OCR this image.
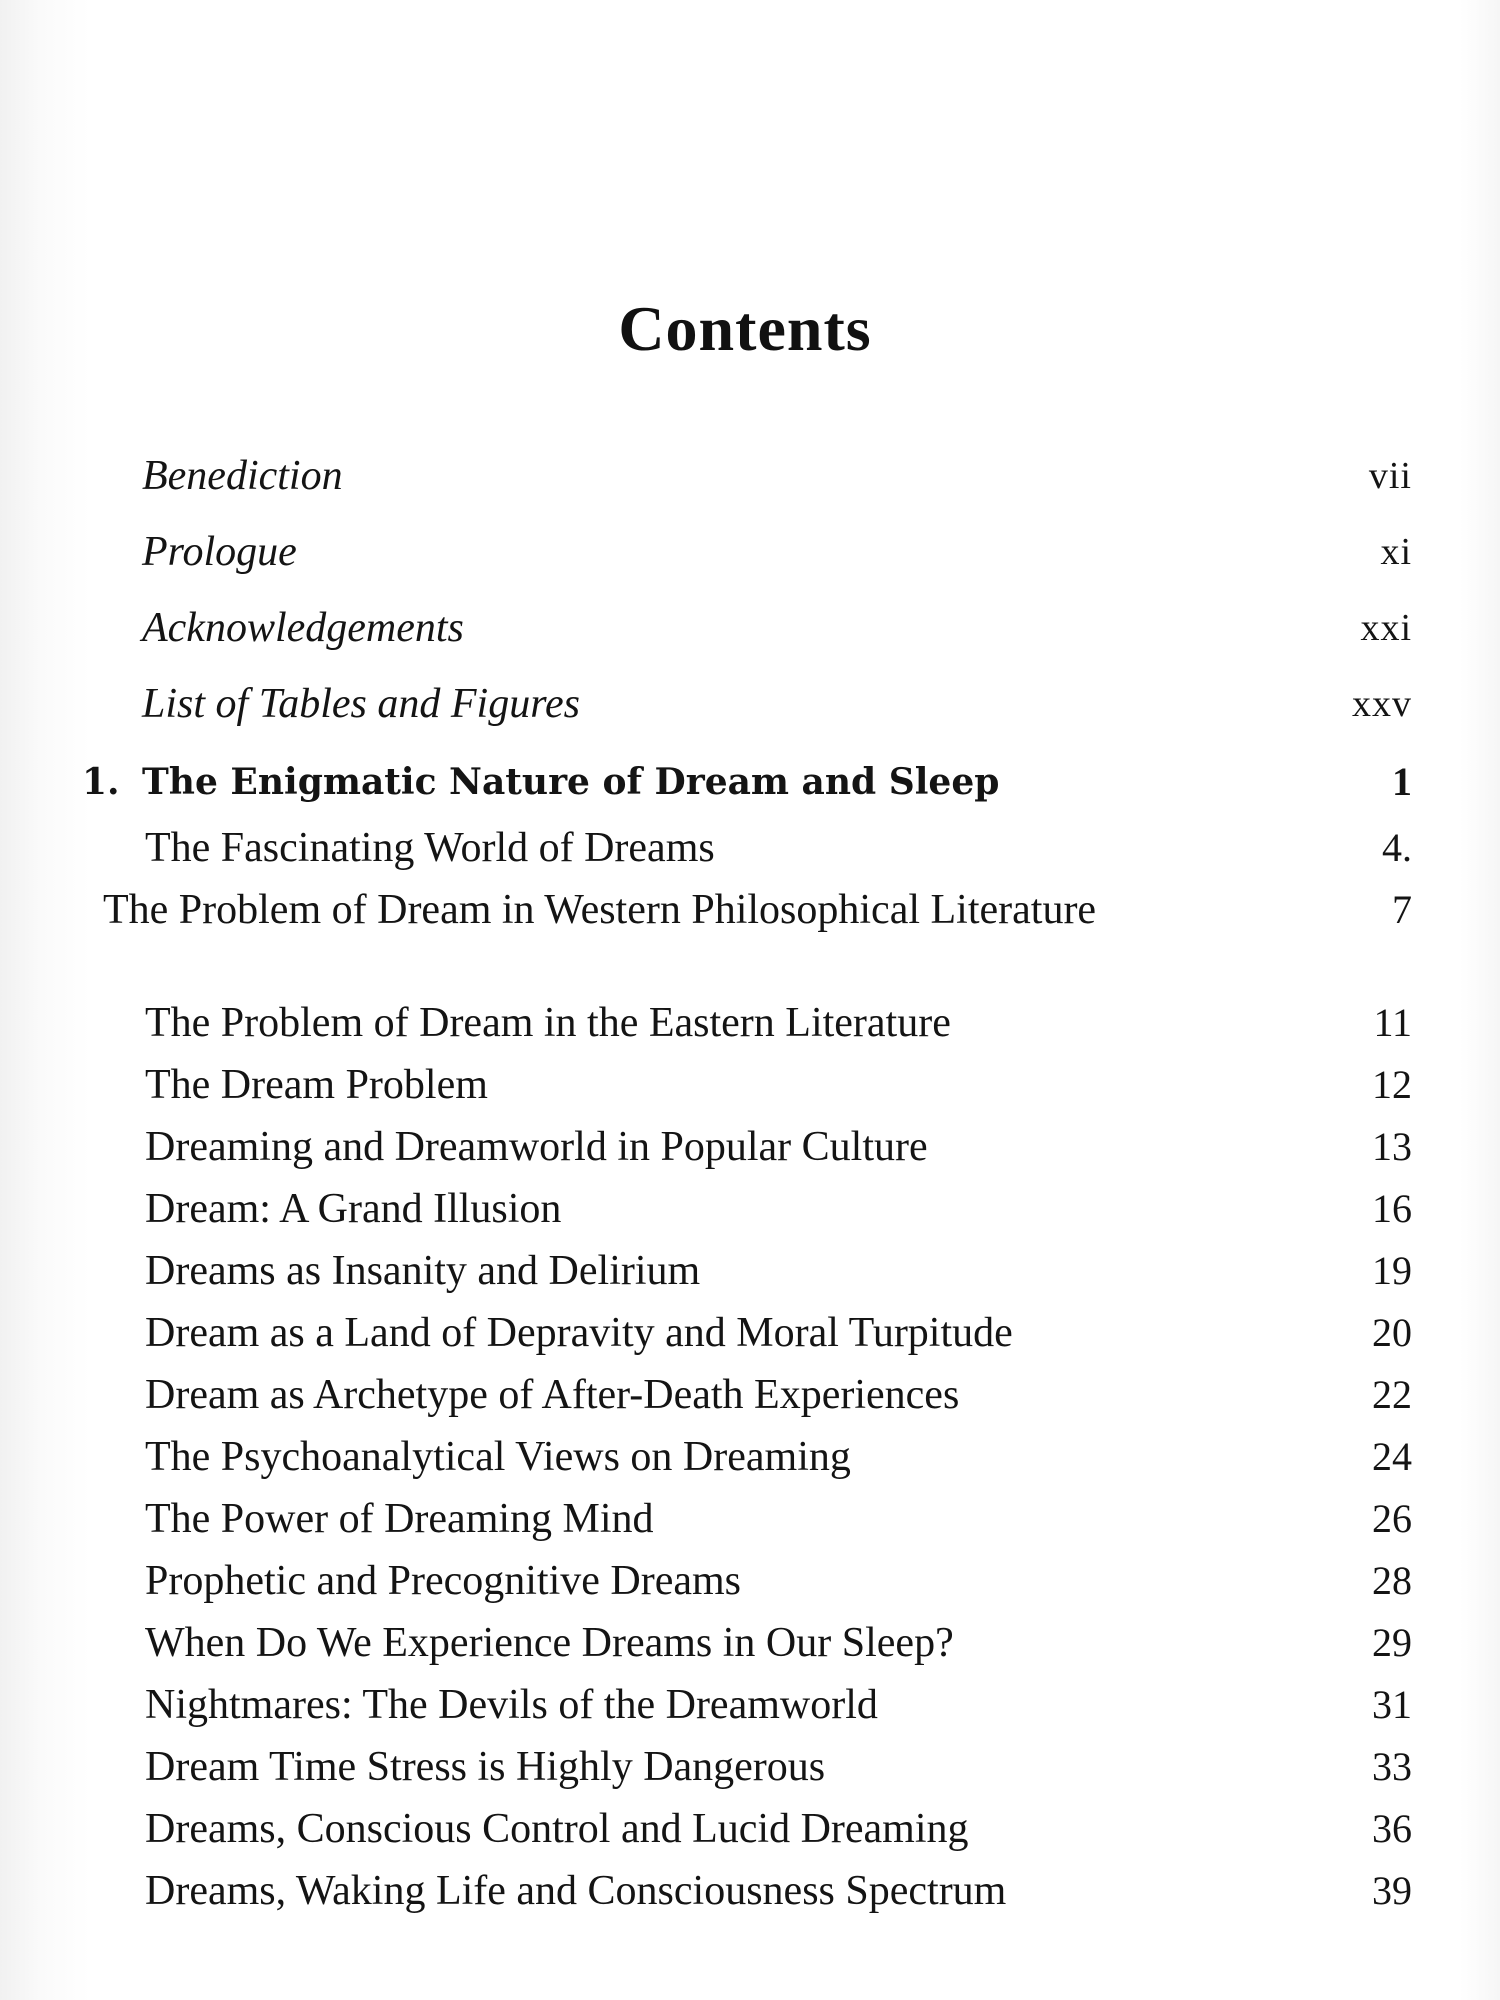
Contents
Benediction	vii
Prologue	xi
Acknowledgements	xxi
List of Tables and Figures	xxv
1. The Enigmatic Nature of Dream and Sleep	1
The Fascinating World of Dreams	4.
The Problem of Dream in Western Philosophical Literature	7
The Problem of Dream in the Eastern Literature	11
The Dream Problem	12
Dreaming and Dreamworld in Popular Culture	13
Dream: A Grand Illusion	16
Dreams as Insanity and Delirium	19
Dream as a Land of Depravity and Moral Turpitude	20
Dream as Archetype of After-Death Experiences	22
The Psychoanalytical Views on Dreaming	24
The Power of Dreaming Mind	26
Prophetic and Precognitive Dreams	28
When Do We Experience Dreams in Our Sleep?	29
Nightmares: The Devils of the Dreamworld	31
Dream Time Stress is Highly Dangerous	33
Dreams, Conscious Control and Lucid Dreaming	36
Dreams, Waking Life and Consciousness Spectrum	39
